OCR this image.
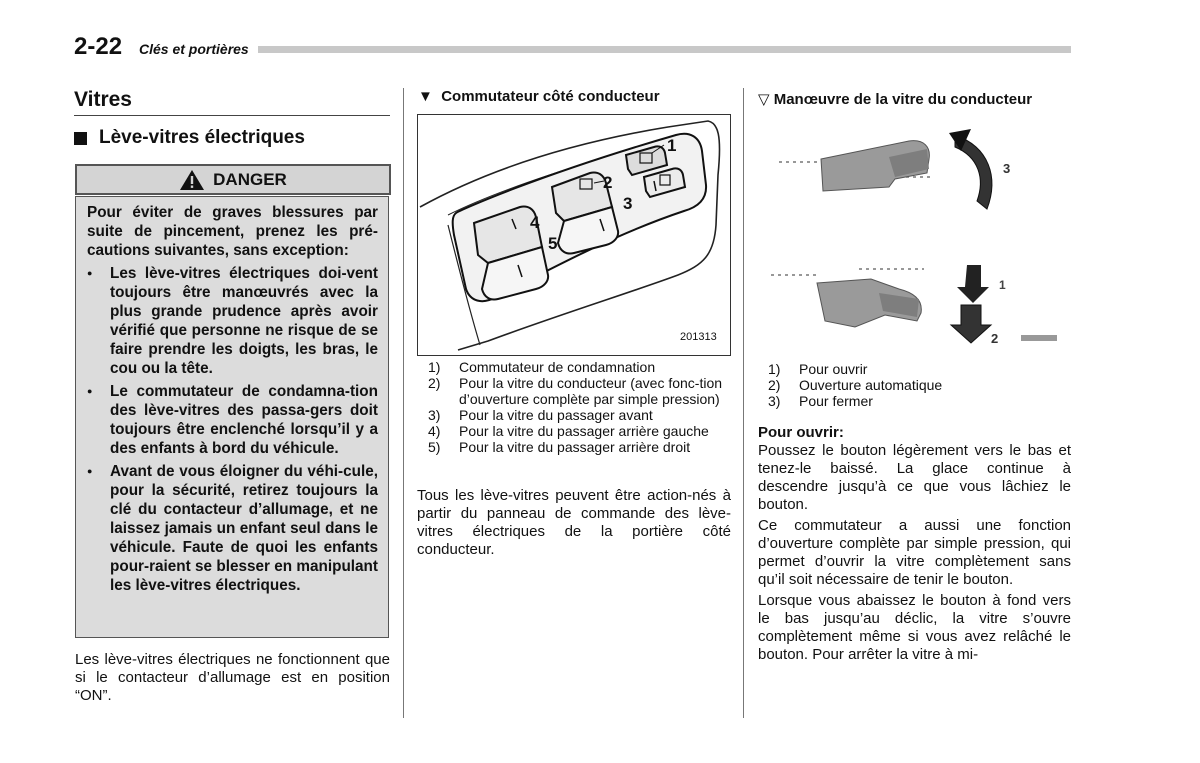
2-22 Clés et portières
Vitres
Lève-vitres électriques
DANGER

Pour éviter de graves blessures par suite de pincement, prenez les pré-cautions suivantes, sans exception:

● Les lève-vitres électriques doi-vent toujours être manœuvrés avec la plus grande prudence après avoir vérifié que personne ne risque de se faire prendre les doigts, les bras, le cou ou la tête.
● Le commutateur de condamna-tion des lève-vitres des passa-gers doit toujours être enclenché lorsqu’il y a des enfants à bord du véhicule.
● Avant de vous éloigner du véhi-cule, pour la sécurité, retirez toujours la clé du contacteur d’allumage, et ne laissez jamais un enfant seul dans le véhicule. Faute de quoi les enfants pour-raient se blesser en manipulant les lève-vitres électriques.
Les lève-vitres électriques ne fonctionnent que si le contacteur d’allumage est en position “ON”.
▼ Commutateur côté conducteur
1
2
3
4
5
201313
1)	Commutateur de condamnation
2)	Pour la vitre du conducteur (avec fonc-tion d’ouverture complète par simple pression)
3)	Pour la vitre du passager avant
4)	Pour la vitre du passager arrière gauche
5)	Pour la vitre du passager arrière droit
Tous les lève-vitres peuvent être action-nés à partir du panneau de commande des lève-vitres électriques de la portière côté conducteur.
▽ Manœuvre de la vitre du conducteur
3
1
2
1)	Pour ouvrir
2)	Ouverture automatique
3)	Pour fermer

Pour ouvrir:

Poussez le bouton légèrement vers le bas et tenez-le baissé. La glace continue à descendre jusqu’à ce que vous lâchiez le bouton.

Ce commutateur a aussi une fonction d’ouverture complète par simple pression, qui permet d’ouvrir la vitre complètement sans qu’il soit nécessaire de tenir le bouton.

Lorsque vous abaissez le bouton à fond vers le bas jusqu’au déclic, la vitre s’ouvre complètement même si vous avez relâché le bouton. Pour arrêter la vitre à mi-
